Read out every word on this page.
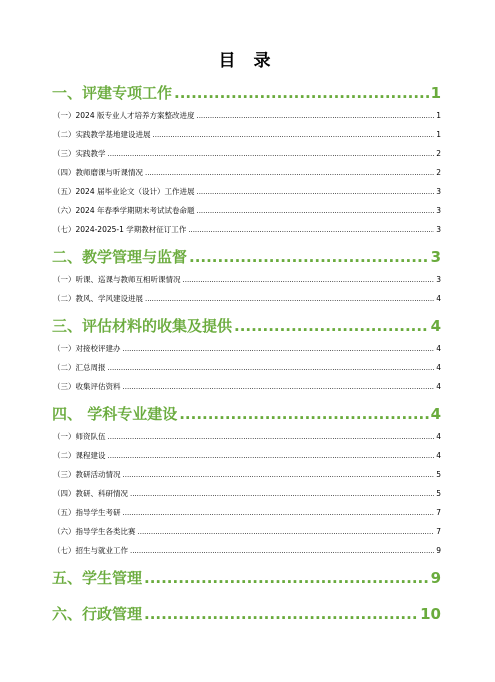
目 录
一、评建专项工作 .....	1
（一）2024 版专业人才培养方案整改进度 .....	1
（二）实践教学基地建设进展 .....	1
（三）实践教学 .....	2
（四）教师磨课与听课情况 .....	2
（五）2024 届毕业论文（设计）工作进展 .....	3
（六）2024 年春季学期期末考试试卷命题 .....	3
（七）2024-2025-1 学期教材征订工作 .....	3
二、教学管理与监督 .....	3
（一）听课、巡课与教师互相听课情况 .....	3
（二）教风、学风建设进展 .....	4
三、评估材料的收集及提供 .....	4
（一）对接校评建办 .....	4
（二）汇总周报 .....	4
（三）收集评估资料 .....	4
四、 学科专业建设 .....	4
（一）师资队伍 .....	4
（二）课程建设 .....	4
（三）教研活动情况 .....	5
（四）教研、科研情况 .....	5
（五）指导学生考研 .....	7
（六）指导学生各类比赛 .....	7
（七）招生与就业工作 .....	9
五、学生管理 .....	9
六、行政管理 .....	10
